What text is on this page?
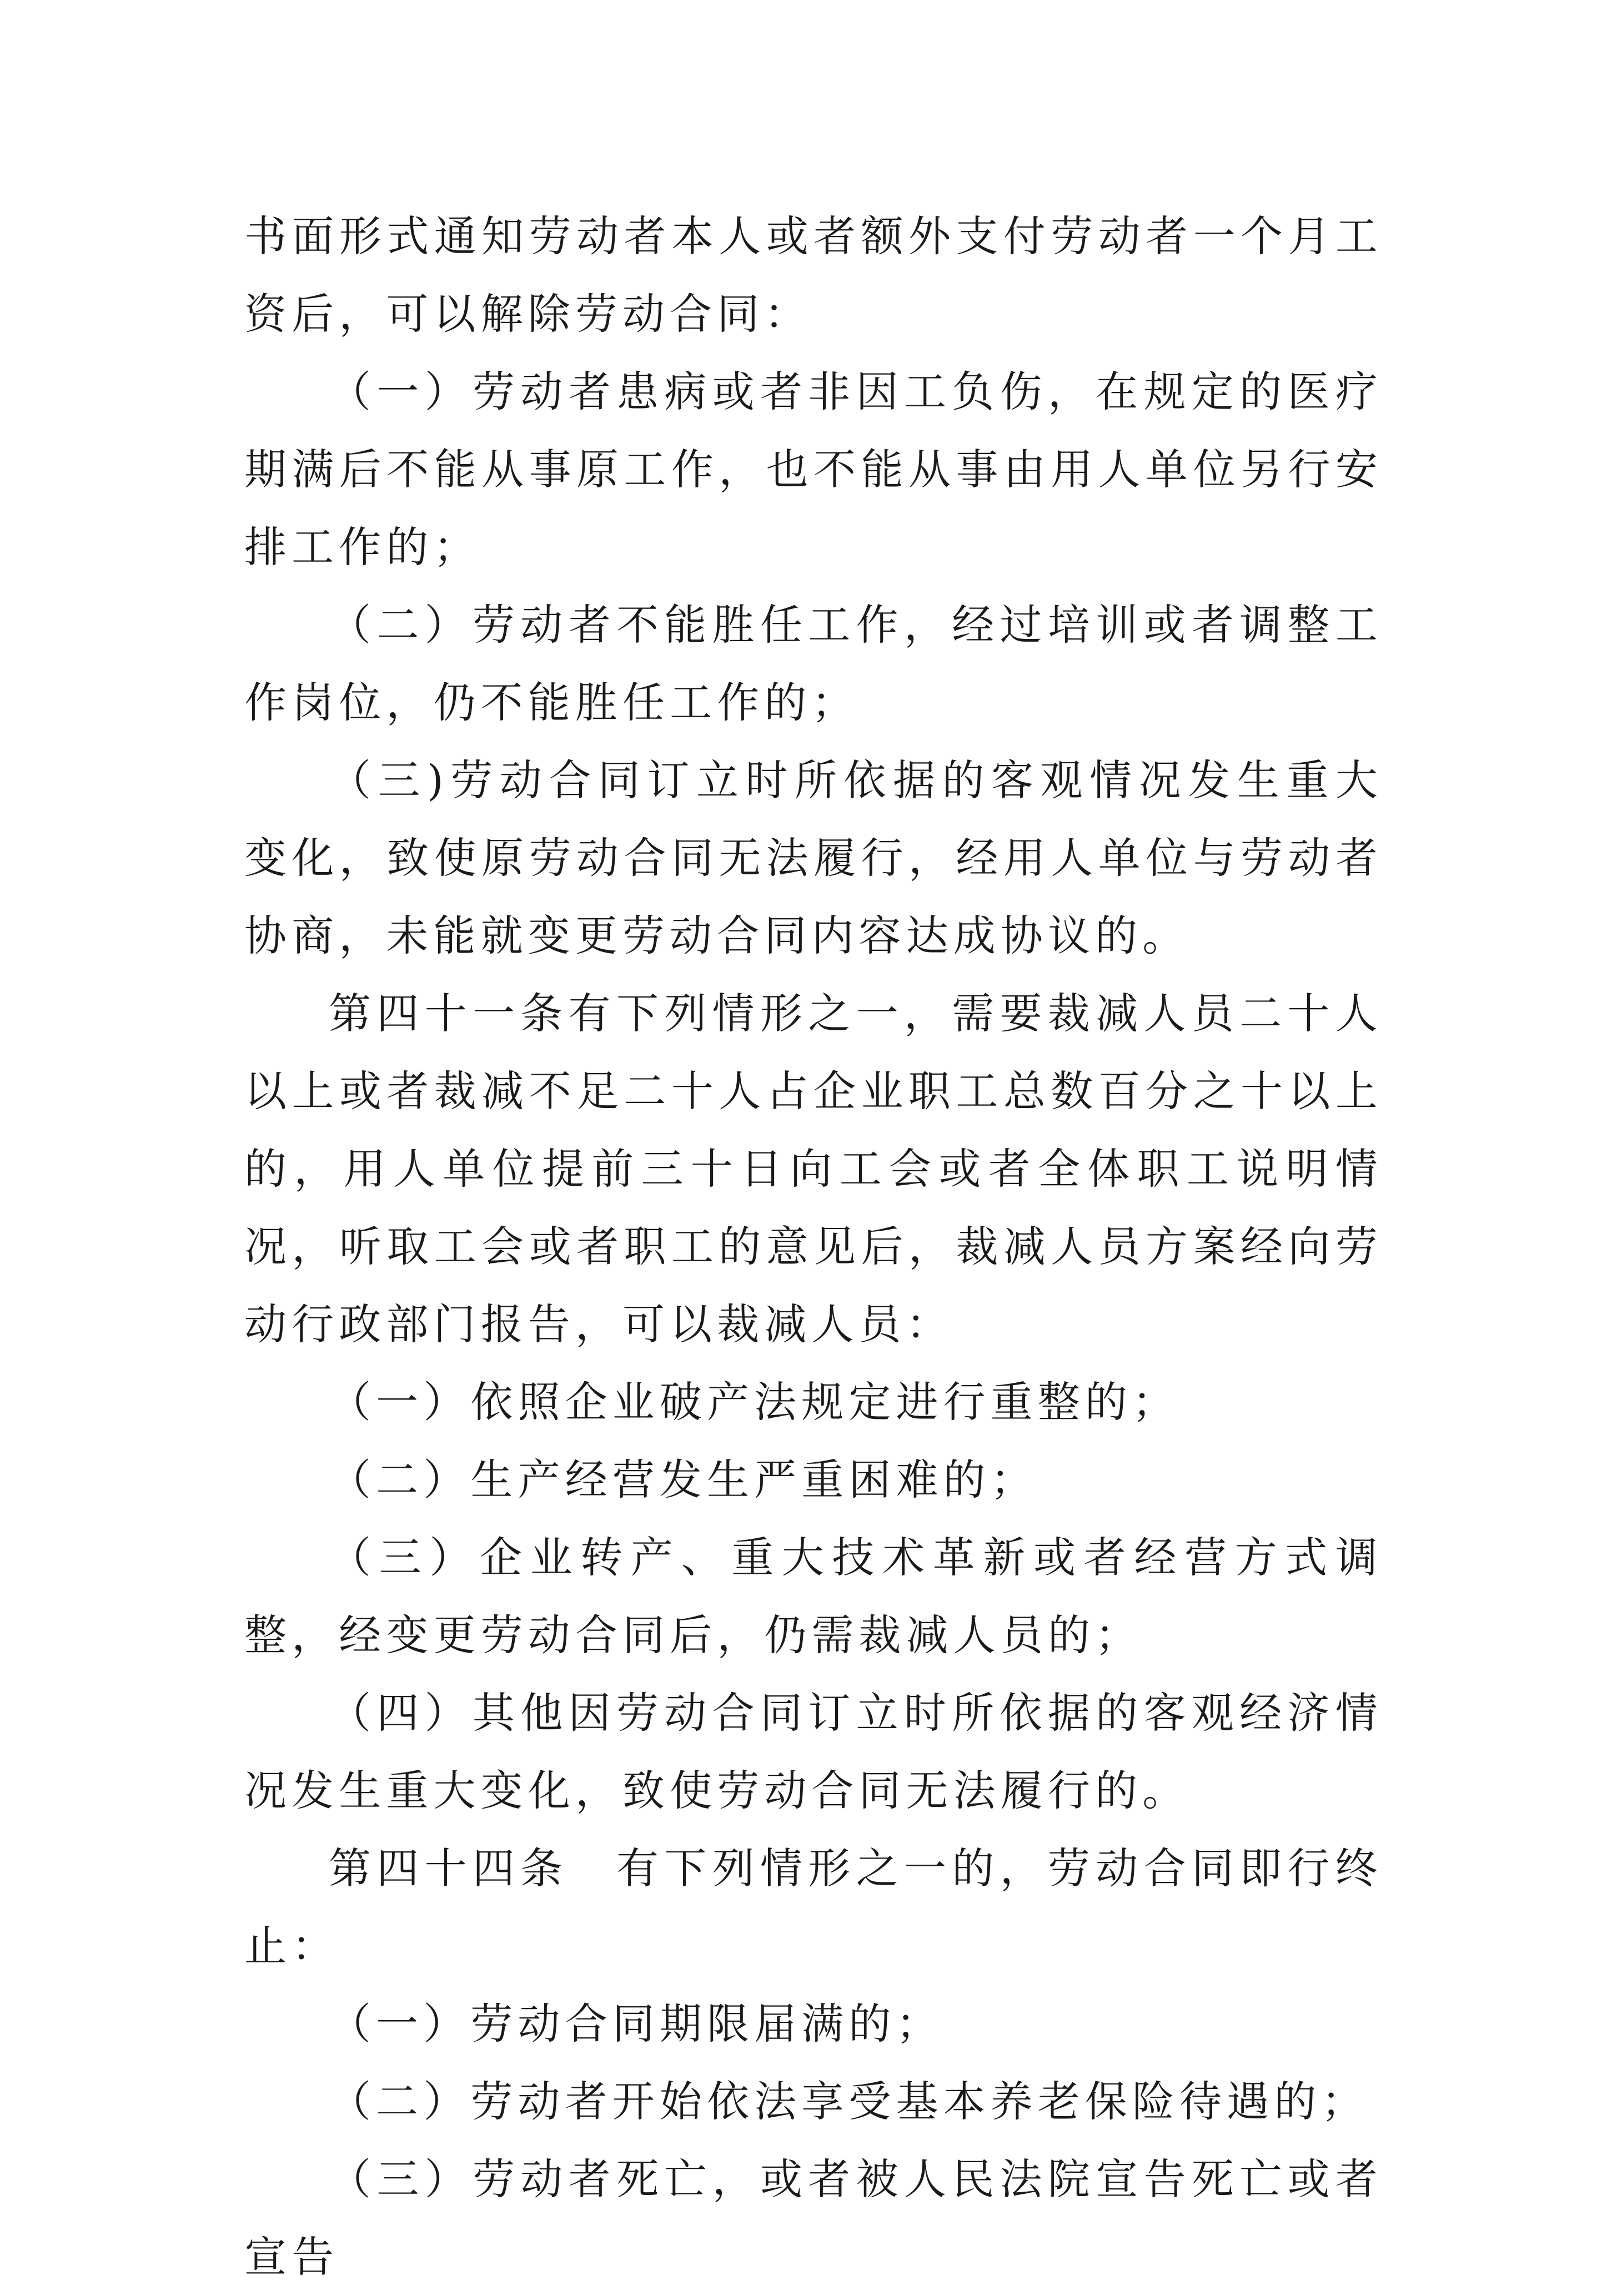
书面形式通知劳动者本人或者额外支付劳动者一个月工资后，可以解除劳动合同：

（一）劳动者患病或者非因工负伤，在规定的医疗期满后不能从事原工作，也不能从事由用人单位另行安排工作的；

（二）劳动者不能胜任工作，经过培训或者调整工作岗位，仍不能胜任工作的；

（三)劳动合同订立时所依据的客观情况发生重大变化，致使原劳动合同无法履行，经用人单位与劳动者协商，未能就变更劳动合同内容达成协议的。

第四十一条有下列情形之一，需要裁减人员二十人以上或者裁减不足二十人占企业职工总数百分之十以上的，用人单位提前三十日向工会或者全体职工说明情况，听取工会或者职工的意见后，裁减人员方案经向劳动行政部门报告，可以裁减人员：

（一）依照企业破产法规定进行重整的；

（二）生产经营发生严重困难的；

（三）企业转产、重大技术革新或者经营方式调整，经变更劳动合同后，仍需裁减人员的；

（四）其他因劳动合同订立时所依据的客观经济情况发生重大变化，致使劳动合同无法履行的。

第四十四条　有下列情形之一的，劳动合同即行终止：

（一）劳动合同期限届满的；

（二）劳动者开始依法享受基本养老保险待遇的；

（三）劳动者死亡，或者被人民法院宣告死亡或者宣告
